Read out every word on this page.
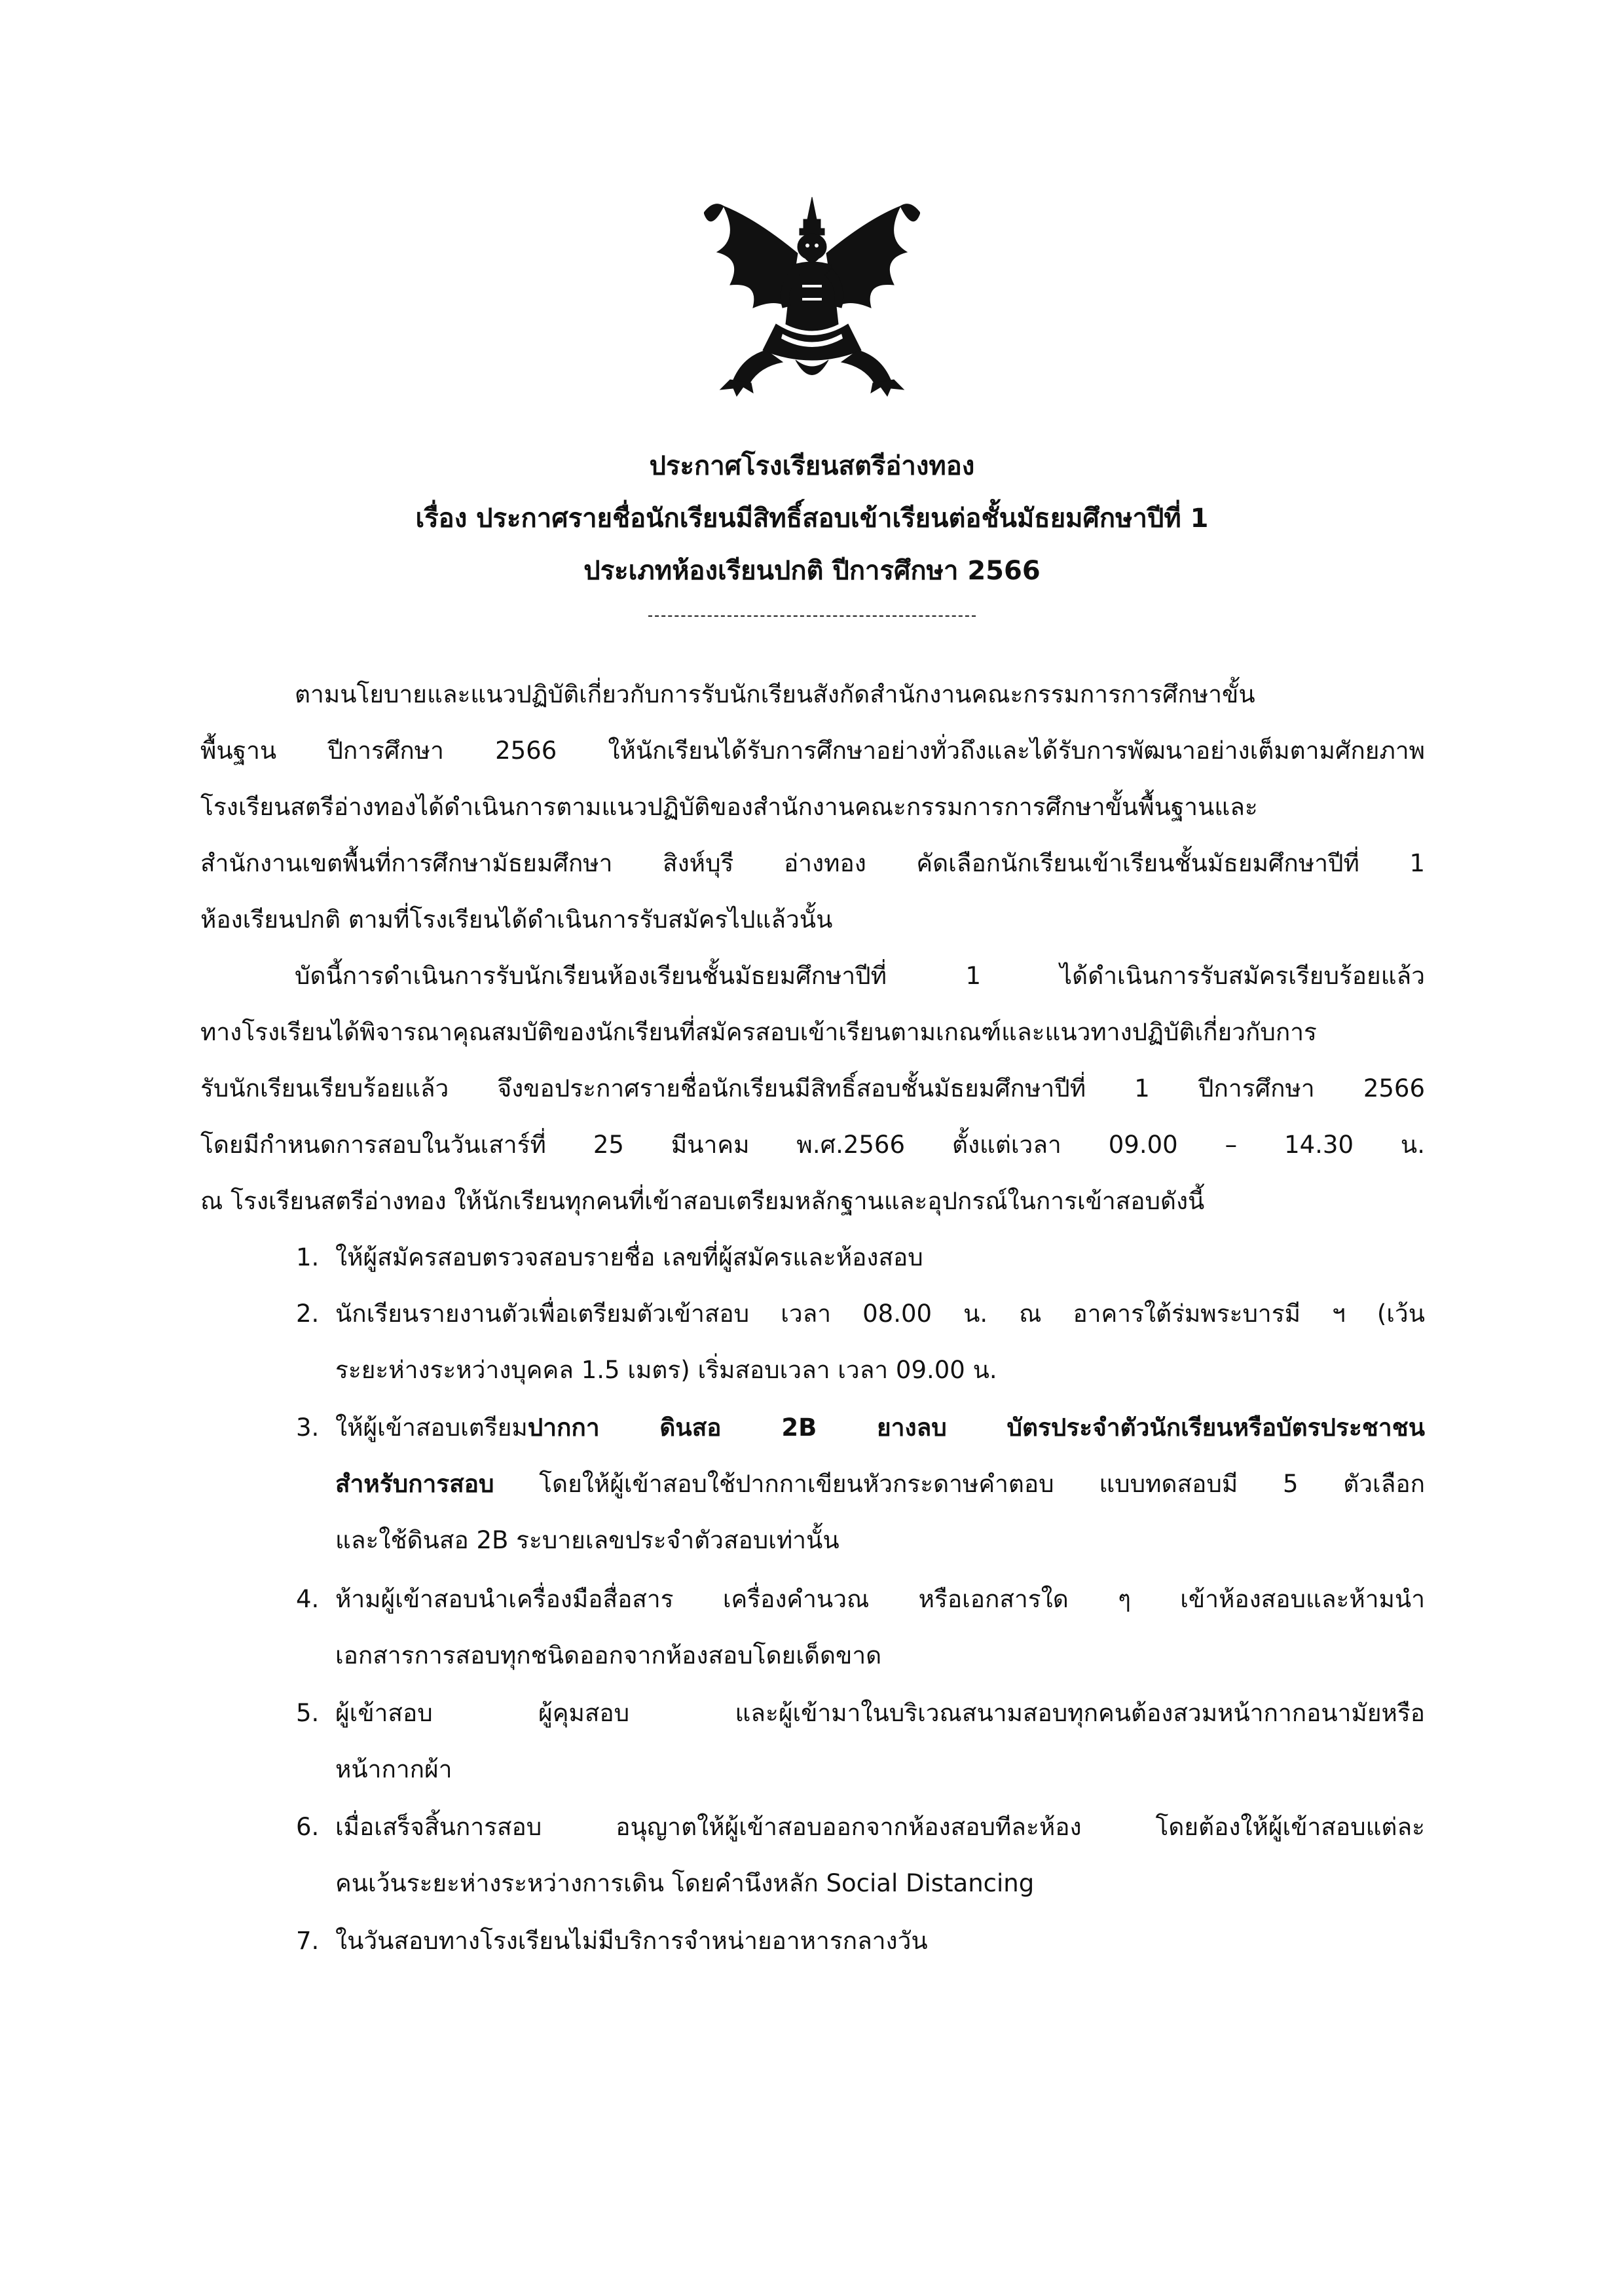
ประกาศโรงเรียนสตรีอ่างทอง
เรื่อง ประกาศรายชื่อนักเรียนมีสิทธิ์สอบเข้าเรียนต่อชั้นมัธยมศึกษาปีที่ 1
ประเภทห้องเรียนปกติ ปีการศึกษา 2566
ตามนโยบายและแนวปฏิบัติเกี่ยวกับการรับนักเรียนสังกัดสำนักงานคณะกรรมการการศึกษาขั้น
พื้นฐาน ปีการศึกษา 2566 ให้นักเรียนได้รับการศึกษาอย่างทั่วถึงและได้รับการพัฒนาอย่างเต็มตามศักยภาพ
โรงเรียนสตรีอ่างทองได้ดำเนินการตามแนวปฏิบัติของสำนักงานคณะกรรมการการศึกษาขั้นพื้นฐานและ
สำนักงานเขตพื้นที่การศึกษามัธยมศึกษา สิงห์บุรี อ่างทอง คัดเลือกนักเรียนเข้าเรียนชั้นมัธยมศึกษาปีที่ 1
ห้องเรียนปกติ ตามที่โรงเรียนได้ดำเนินการรับสมัครไปแล้วนั้น
บัดนี้การดำเนินการรับนักเรียนห้องเรียนชั้นมัธยมศึกษาปีที่ 1 ได้ดำเนินการรับสมัครเรียบร้อยแล้ว
ทางโรงเรียนได้พิจารณาคุณสมบัติของนักเรียนที่สมัครสอบเข้าเรียนตามเกณฑ์และแนวทางปฏิบัติเกี่ยวกับการ
รับนักเรียนเรียบร้อยแล้ว จึงขอประกาศรายชื่อนักเรียนมีสิทธิ์สอบชั้นมัธยมศึกษาปีที่ 1 ปีการศึกษา 2566
โดยมีกำหนดการสอบในวันเสาร์ที่ 25 มีนาคม พ.ศ.2566 ตั้งแต่เวลา 09.00 – 14.30 น.
ณ โรงเรียนสตรีอ่างทอง ให้นักเรียนทุกคนที่เข้าสอบเตรียมหลักฐานและอุปกรณ์ในการเข้าสอบดังนี้
1. ให้ผู้สมัครสอบตรวจสอบรายชื่อ เลขที่ผู้สมัครและห้องสอบ
2. นักเรียนรายงานตัวเพื่อเตรียมตัวเข้าสอบ เวลา 08.00 น. ณ อาคารใต้ร่มพระบารมี ฯ (เว้น
ระยะห่างระหว่างบุคคล 1.5 เมตร) เริ่มสอบเวลา เวลา 09.00 น.
3. ให้ผู้เข้าสอบเตรียมปากกา ดินสอ 2B ยางลบ บัตรประจำตัวนักเรียนหรือบัตรประชาชน
สำหรับการสอบ โดยให้ผู้เข้าสอบใช้ปากกาเขียนหัวกระดาษคำตอบ แบบทดสอบมี 5 ตัวเลือก
และใช้ดินสอ 2B ระบายเลขประจำตัวสอบเท่านั้น
4. ห้ามผู้เข้าสอบนำเครื่องมือสื่อสาร เครื่องคำนวณ หรือเอกสารใด ๆ เข้าห้องสอบและห้ามนำ
เอกสารการสอบทุกชนิดออกจากห้องสอบโดยเด็ดขาด
5. ผู้เข้าสอบ ผู้คุมสอบ และผู้เข้ามาในบริเวณสนามสอบทุกคนต้องสวมหน้ากากอนามัยหรือ
หน้ากากผ้า
6. เมื่อเสร็จสิ้นการสอบ อนุญาตให้ผู้เข้าสอบออกจากห้องสอบทีละห้อง โดยต้องให้ผู้เข้าสอบแต่ละ
คนเว้นระยะห่างระหว่างการเดิน โดยคำนึงหลัก Social Distancing
7. ในวันสอบทางโรงเรียนไม่มีบริการจำหน่ายอาหารกลางวัน
